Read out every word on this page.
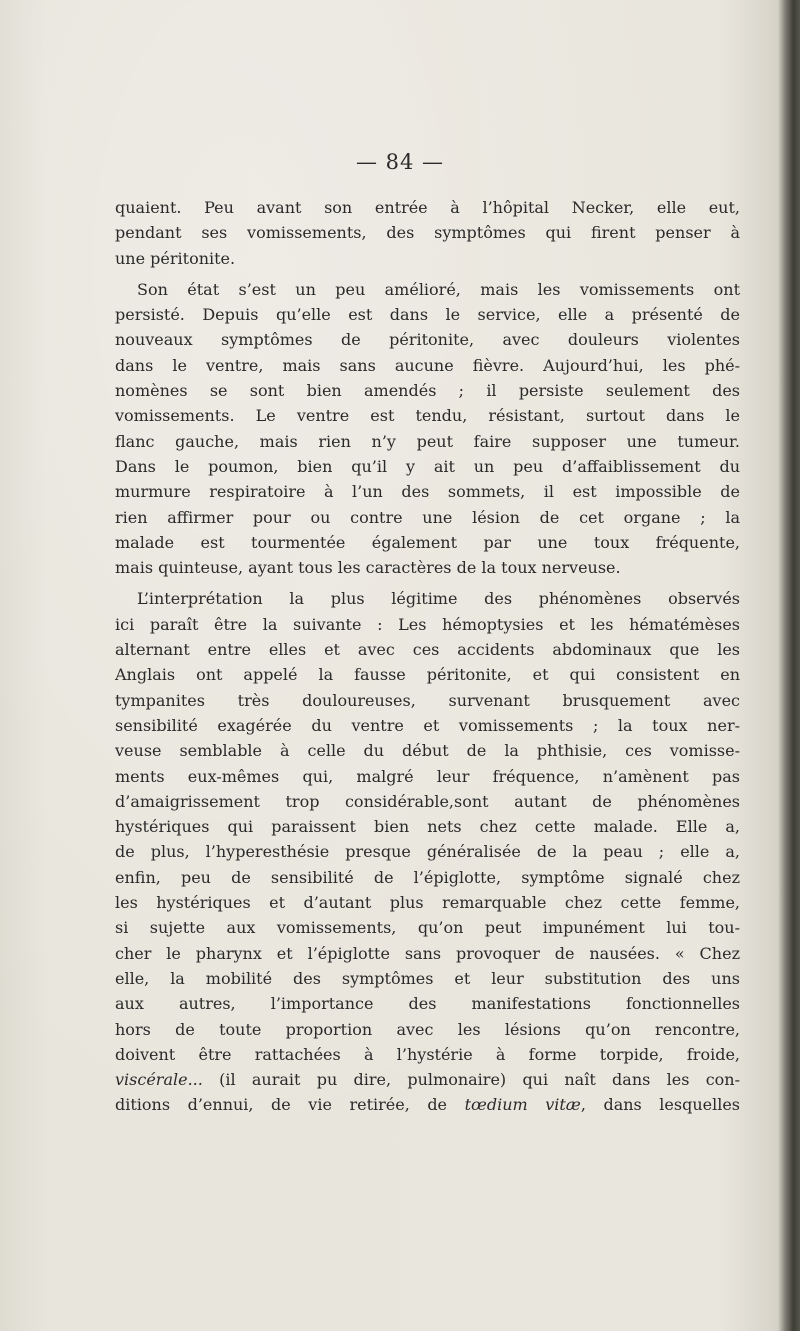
— 84 —
quaient. Peu avant son entrée à l’hôpital Necker, elle eut,
pendant ses vomissements, des symptômes qui firent penser à
une péritonite.
Son état s’est un peu amélioré, mais les vomissements ont
persisté. Depuis qu’elle est dans le service, elle a présenté de
nouveaux symptômes de péritonite, avec douleurs violentes
dans le ventre, mais sans aucune fièvre. Aujourd’hui, les phé-
nomènes se sont bien amendés ; il persiste seulement des
vomissements. Le ventre est tendu, résistant, surtout dans le
flanc gauche, mais rien n’y peut faire supposer une tumeur.
Dans le poumon, bien qu’il y ait un peu d’affaiblissement du
murmure respiratoire à l’un des sommets, il est impossible de
rien affirmer pour ou contre une lésion de cet organe ; la
malade est tourmentée également par une toux fréquente,
mais quinteuse, ayant tous les caractères de la toux nerveuse.
L’interprétation la plus légitime des phénomènes observés
ici paraît être la suivante : Les hémoptysies et les hématémèses
alternant entre elles et avec ces accidents abdominaux que les
Anglais ont appelé la fausse péritonite, et qui consistent en
tympanites très douloureuses, survenant brusquement avec
sensibilité exagérée du ventre et vomissements ; la toux ner-
veuse semblable à celle du début de la phthisie, ces vomisse-
ments eux-mêmes qui, malgré leur fréquence, n’amènent pas
d’amaigrissement trop considérable,sont autant de phénomènes
hystériques qui paraissent bien nets chez cette malade. Elle a,
de plus, l’hyperesthésie presque généralisée de la peau ; elle a,
enfin, peu de sensibilité de l’épiglotte, symptôme signalé chez
les hystériques et d’autant plus remarquable chez cette femme,
si sujette aux vomissements, qu’on peut impunément lui tou-
cher le pharynx et l’épiglotte sans provoquer de nausées. « Chez
elle, la mobilité des symptômes et leur substitution des uns
aux autres, l’importance des manifestations fonctionnelles
hors de toute proportion avec les lésions qu’on rencontre,
doivent être rattachées à l’hystérie à forme torpide, froide,
viscérale... (il aurait pu dire, pulmonaire) qui naît dans les con-
ditions d’ennui, de vie retirée, de tœdium vitæ, dans lesquelles
